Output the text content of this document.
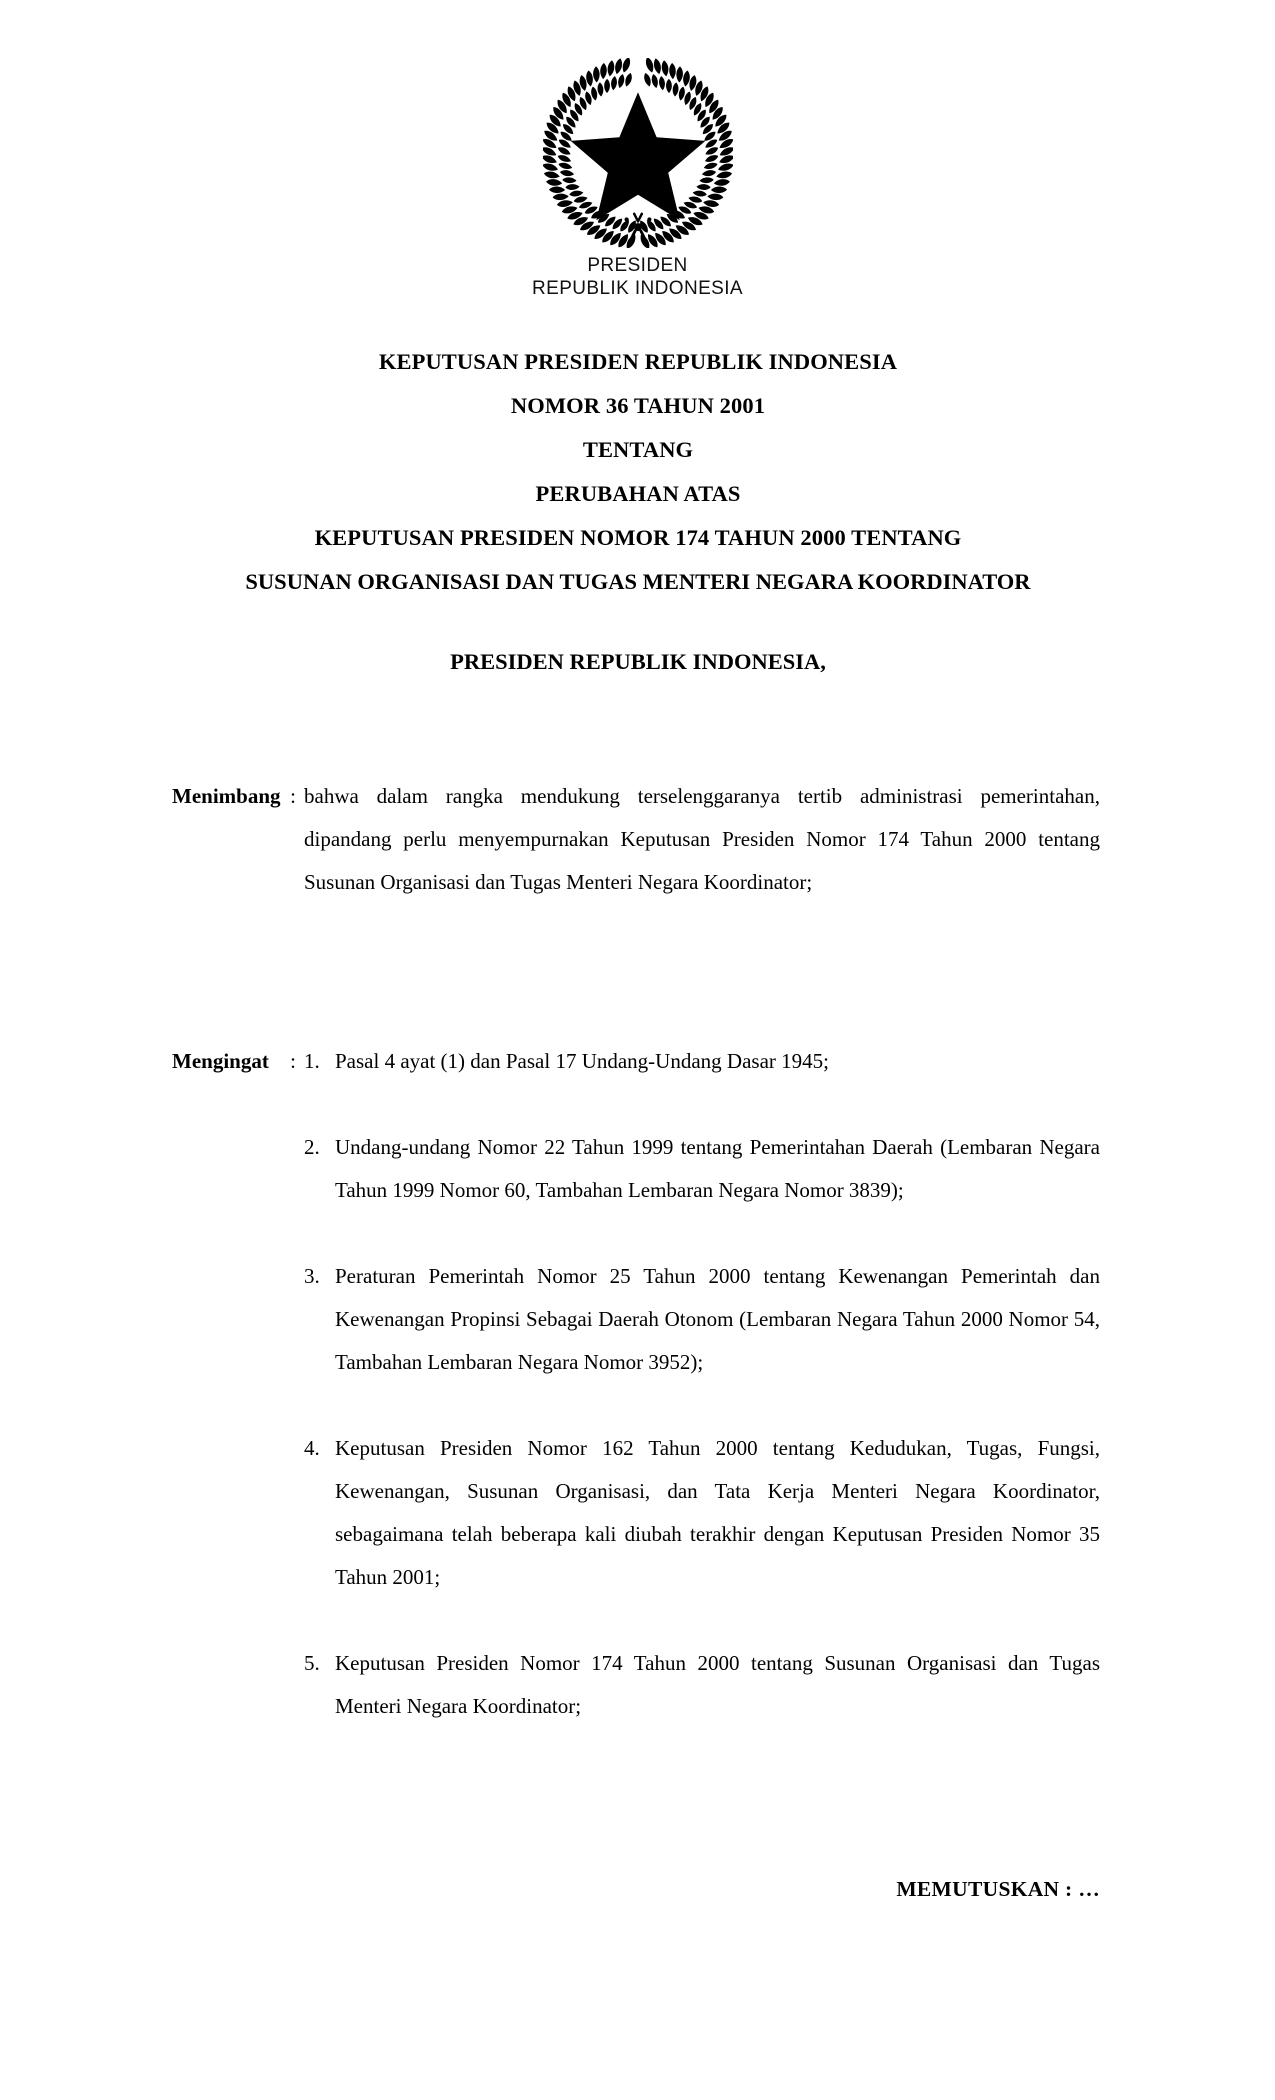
PRESIDEN
REPUBLIK INDONESIA
KEPUTUSAN PRESIDEN REPUBLIK INDONESIA
NOMOR 36 TAHUN 2001
TENTANG
PERUBAHAN ATAS
KEPUTUSAN PRESIDEN NOMOR 174 TAHUN 2000 TENTANG
SUSUNAN ORGANISASI DAN TUGAS MENTERI NEGARA KOORDINATOR
PRESIDEN REPUBLIK INDONESIA,
Menimbang : bahwa dalam rangka mendukung terselenggaranya tertib administrasi pemerintahan, dipandang perlu menyempurnakan Keputusan Presiden Nomor 174 Tahun 2000 tentang Susunan Organisasi dan Tugas Menteri Negara Koordinator;
Mengingat	: 1. Pasal 4 ayat (1) dan Pasal 17 Undang-Undang Dasar 1945;
2. Undang-undang Nomor 22 Tahun 1999 tentang Pemerintahan Daerah (Lembaran Negara Tahun 1999 Nomor 60, Tambahan Lembaran Negara Nomor 3839);
3. Peraturan Pemerintah Nomor 25 Tahun 2000 tentang Kewenangan Pemerintah dan Kewenangan Propinsi Sebagai Daerah Otonom (Lembaran Negara Tahun 2000 Nomor 54, Tambahan Lembaran Negara Nomor 3952);
4. Keputusan Presiden Nomor 162 Tahun 2000 tentang Kedudukan, Tugas, Fungsi, Kewenangan, Susunan Organisasi, dan Tata Kerja Menteri Negara Koordinator, sebagaimana telah beberapa kali diubah terakhir dengan Keputusan Presiden Nomor 35 Tahun 2001;
5. Keputusan Presiden Nomor 174 Tahun 2000 tentang Susunan Organisasi dan Tugas Menteri Negara Koordinator;
MEMUTUSKAN : …
